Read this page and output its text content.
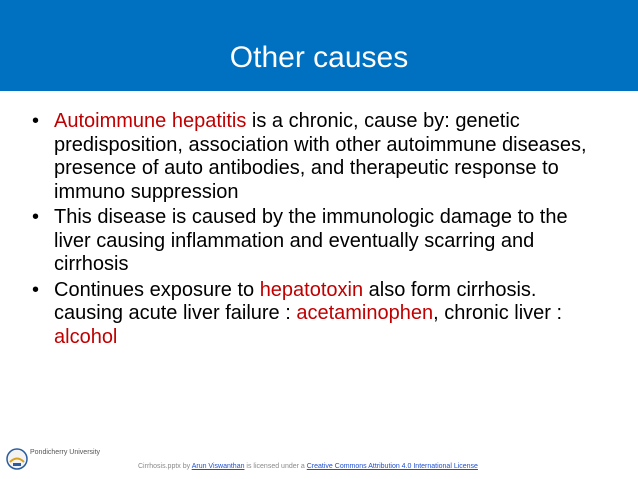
Other causes
• Autoimmune hepatitis is a chronic, cause by: genetic predisposition, association with other autoimmune diseases, presence of auto antibodies, and therapeutic response to immuno suppression
• This disease is caused by the immunologic damage to the liver causing inflammation and eventually scarring and cirrhosis
• Continues exposure to hepatotoxin also form cirrhosis. causing acute liver failure : acetaminophen, chronic liver : alcohol
Pondicherry University
Cirrhosis.pptx by Arun Viswanthan is licensed under a Creative Commons Attribution 4.0 International License
